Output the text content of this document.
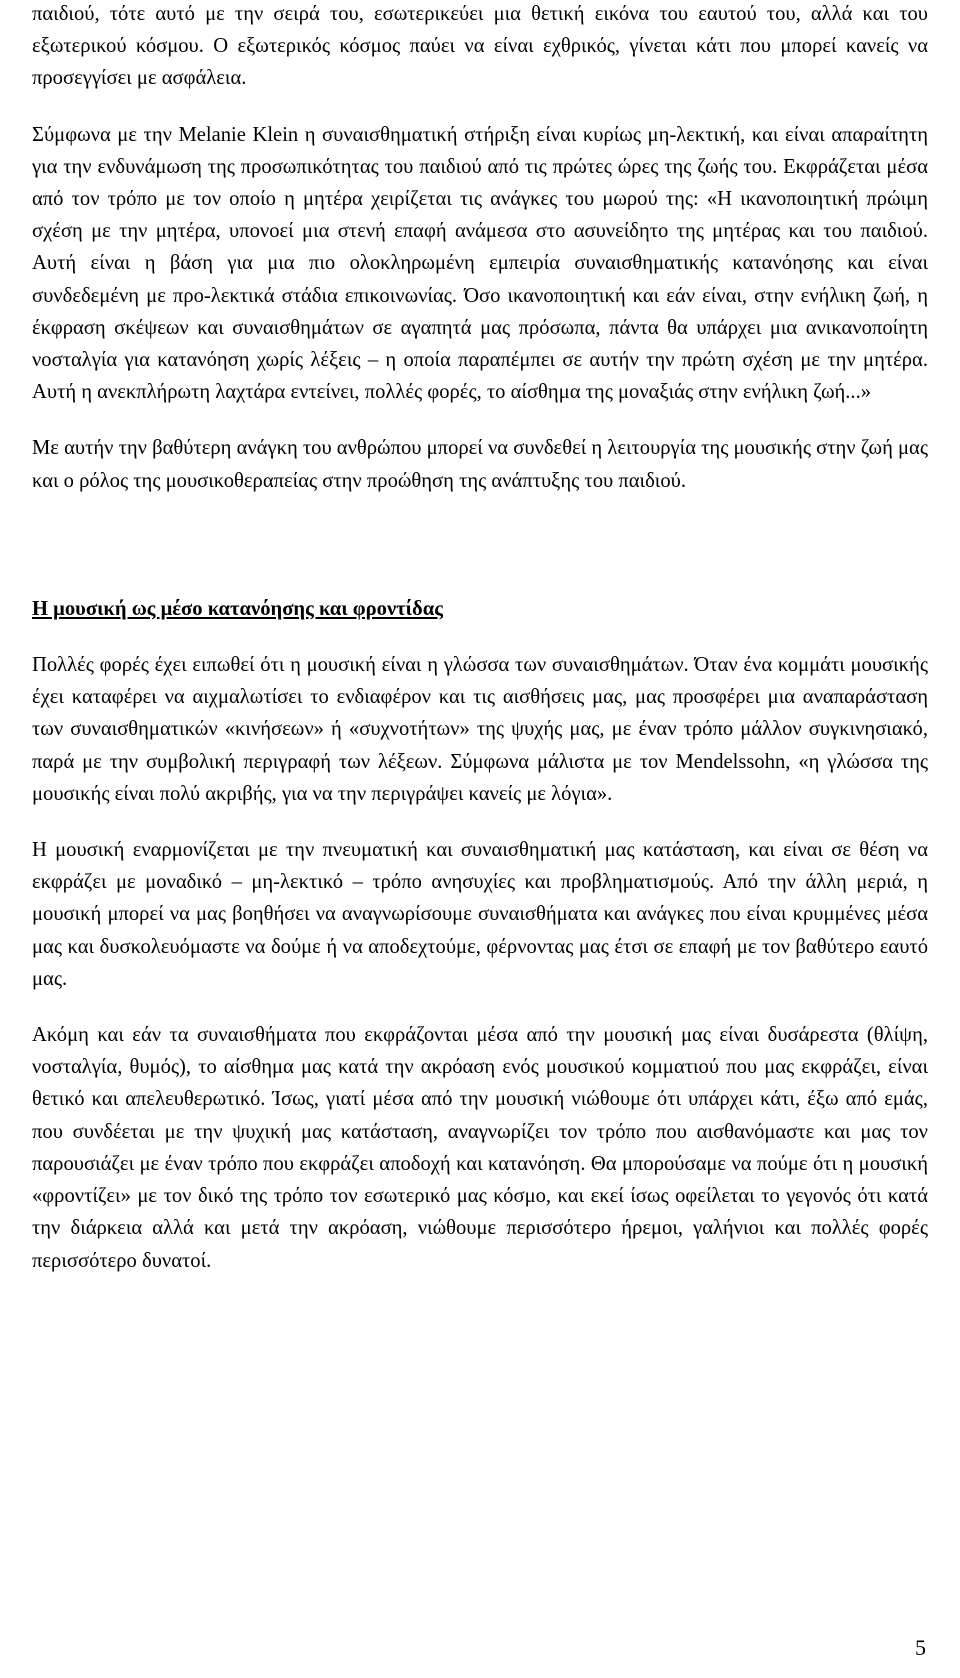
παιδιού, τότε αυτό με την σειρά του, εσωτερικεύει μια θετική εικόνα του εαυτού του, αλλά και του εξωτερικού κόσμου. Ο εξωτερικός κόσμος παύει να είναι εχθρικός, γίνεται κάτι που μπορεί κανείς να προσεγγίσει με ασφάλεια.

Σύμφωνα με την Melanie Klein η συναισθηματική στήριξη είναι κυρίως μη-λεκτική, και είναι απαραίτητη για την ενδυνάμωση της προσωπικότητας του παιδιού από τις πρώτες ώρες της ζωής του. Εκφράζεται μέσα από τον τρόπο με τον οποίο η μητέρα χειρίζεται τις ανάγκες του μωρού της: «Η ικανοποιητική πρώιμη σχέση με την μητέρα, υπονοεί μια στενή επαφή ανάμεσα στο ασυνείδητο της μητέρας και του παιδιού. Αυτή είναι η βάση για μια πιο ολοκληρωμένη εμπειρία συναισθηματικής κατανόησης και είναι συνδεδεμένη με προ-λεκτικά στάδια επικοινωνίας. Όσο ικανοποιητική και εάν είναι, στην ενήλικη ζωή, η έκφραση σκέψεων και συναισθημάτων σε αγαπητά μας πρόσωπα, πάντα θα υπάρχει μια ανικανοποίητη νοσταλγία για κατανόηση χωρίς λέξεις – η οποία παραπέμπει σε αυτήν την πρώτη σχέση με την μητέρα. Αυτή η ανεκπλήρωτη λαχτάρα εντείνει, πολλές φορές, το αίσθημα της μοναξιάς στην ενήλικη ζωή...»

Με αυτήν την βαθύτερη ανάγκη του ανθρώπου μπορεί να συνδεθεί η λειτουργία της μουσικής στην ζωή μας και ο ρόλος της μουσικοθεραπείας στην προώθηση της ανάπτυξης του παιδιού.

Η μουσική ως μέσο κατανόησης και φροντίδας

Πολλές φορές έχει ειπωθεί ότι η μουσική είναι η γλώσσα των συναισθημάτων. Όταν ένα κομμάτι μουσικής έχει καταφέρει να αιχμαλωτίσει το ενδιαφέρον και τις αισθήσεις μας, μας προσφέρει μια αναπαράσταση των συναισθηματικών «κινήσεων» ή «συχνοτήτων» της ψυχής μας, με έναν τρόπο μάλλον συγκινησιακό, παρά με την συμβολική περιγραφή των λέξεων. Σύμφωνα μάλιστα με τον Mendelssohn, «η γλώσσα της μουσικής είναι πολύ ακριβής, για να την περιγράψει κανείς με λόγια».

Η μουσική εναρμονίζεται με την πνευματική και συναισθηματική μας κατάσταση, και είναι σε θέση να εκφράζει με μοναδικό – μη-λεκτικό – τρόπο ανησυχίες και προβληματισμούς. Από την άλλη μεριά, η μουσική μπορεί να μας βοηθήσει να αναγνωρίσουμε συναισθήματα και ανάγκες που είναι κρυμμένες μέσα μας και δυσκολευόμαστε να δούμε ή να αποδεχτούμε, φέρνοντας μας έτσι σε επαφή με τον βαθύτερο εαυτό μας.

Ακόμη και εάν τα συναισθήματα που εκφράζονται μέσα από την μουσική μας είναι δυσάρεστα (θλίψη, νοσταλγία, θυμός), το αίσθημα μας κατά την ακρόαση ενός μουσικού κομματιού που μας εκφράζει, είναι θετικό και απελευθερωτικό. Ίσως, γιατί μέσα από την μουσική νιώθουμε ότι υπάρχει κάτι, έξω από εμάς, που συνδέεται με την ψυχική μας κατάσταση, αναγνωρίζει τον τρόπο που αισθανόμαστε και μας τον παρουσιάζει με έναν τρόπο που εκφράζει αποδοχή και κατανόηση. Θα μπορούσαμε να πούμε ότι η μουσική «φροντίζει» με τον δικό της τρόπο τον εσωτερικό μας κόσμο, και εκεί ίσως οφείλεται το γεγονός ότι κατά την διάρκεια αλλά και μετά την ακρόαση, νιώθουμε περισσότερο ήρεμοι, γαλήνιοι και πολλές φορές περισσότερο δυνατοί.

5
